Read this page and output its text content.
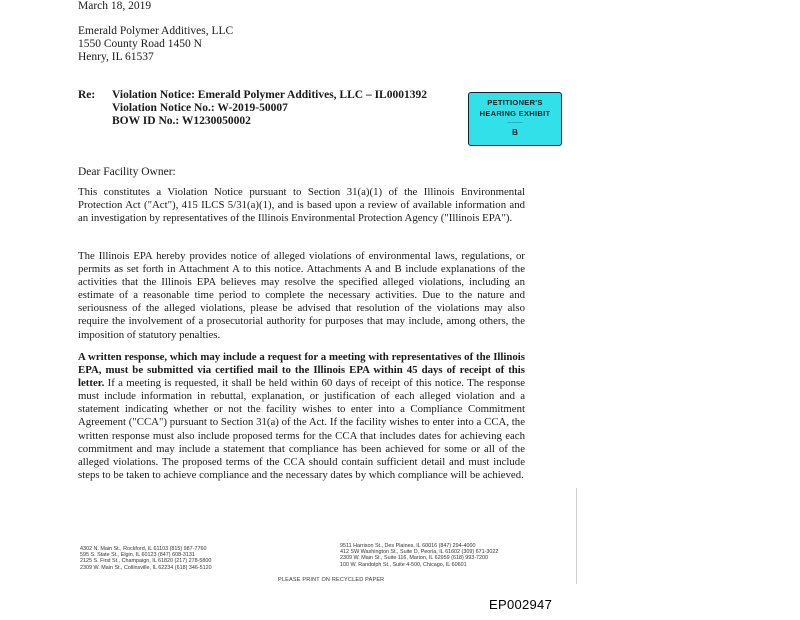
March 18, 2019
Emerald Polymer Additives, LLC
1550 County Road 1450 N
Henry, IL 61537
Re: Violation Notice: Emerald Polymer Additives, LLC – IL0001392
Violation Notice No.: W-2019-50007
BOW ID No.: W1230050002
PETITIONER'S
HEARING EXHIBIT
———
B
Dear Facility Owner:

This constitutes a Violation Notice pursuant to Section 31(a)(1) of the Illinois Environmental Protection Act ("Act"), 415 ILCS 5/31(a)(1), and is based upon a review of available information and an investigation by representatives of the Illinois Environmental Protection Agency ("Illinois EPA").

The Illinois EPA hereby provides notice of alleged violations of environmental laws, regulations, or permits as set forth in Attachment A to this notice. Attachments A and B include explanations of the activities that the Illinois EPA believes may resolve the specified alleged violations, including an estimate of a reasonable time period to complete the necessary activities. Due to the nature and seriousness of the alleged violations, please be advised that resolution of the violations may also require the involvement of a prosecutorial authority for purposes that may include, among others, the imposition of statutory penalties.

A written response, which may include a request for a meeting with representatives of the Illinois EPA, must be submitted via certified mail to the Illinois EPA within 45 days of receipt of this letter. If a meeting is requested, it shall be held within 60 days of receipt of this notice. The response must include information in rebuttal, explanation, or justification of each alleged violation and a statement indicating whether or not the facility wishes to enter into a Compliance Commitment Agreement ("CCA") pursuant to Section 31(a) of the Act. If the facility wishes to enter into a CCA, the written response must also include proposed terms for the CCA that includes dates for achieving each commitment and may include a statement that compliance has been achieved for some or all of the alleged violations. The proposed terms of the CCA should contain sufficient detail and must include steps to be taken to achieve compliance and the necessary dates by which compliance will be achieved.

4302 N. Main St., Rockford, IL 61103 (815) 987-7760
595 S. State St., Elgin, IL 60123 (847) 608-3131
2125 S. First St., Champaign, IL 61820 (217) 278-5800
2309 W. Main St., Collinsville, IL 62234 (618) 346-5120
9511 Harrison St., Des Plaines, IL 60016 (847) 294-4000
412 SW Washington St., Suite D, Peoria, IL 61602 (309) 671-3022
2309 W. Main St., Suite 116, Marion, IL 62959 (618) 993-7200
100 W. Randolph St., Suite 4-500, Chicago, IL 60601
PLEASE PRINT ON RECYCLED PAPER
EP002947
